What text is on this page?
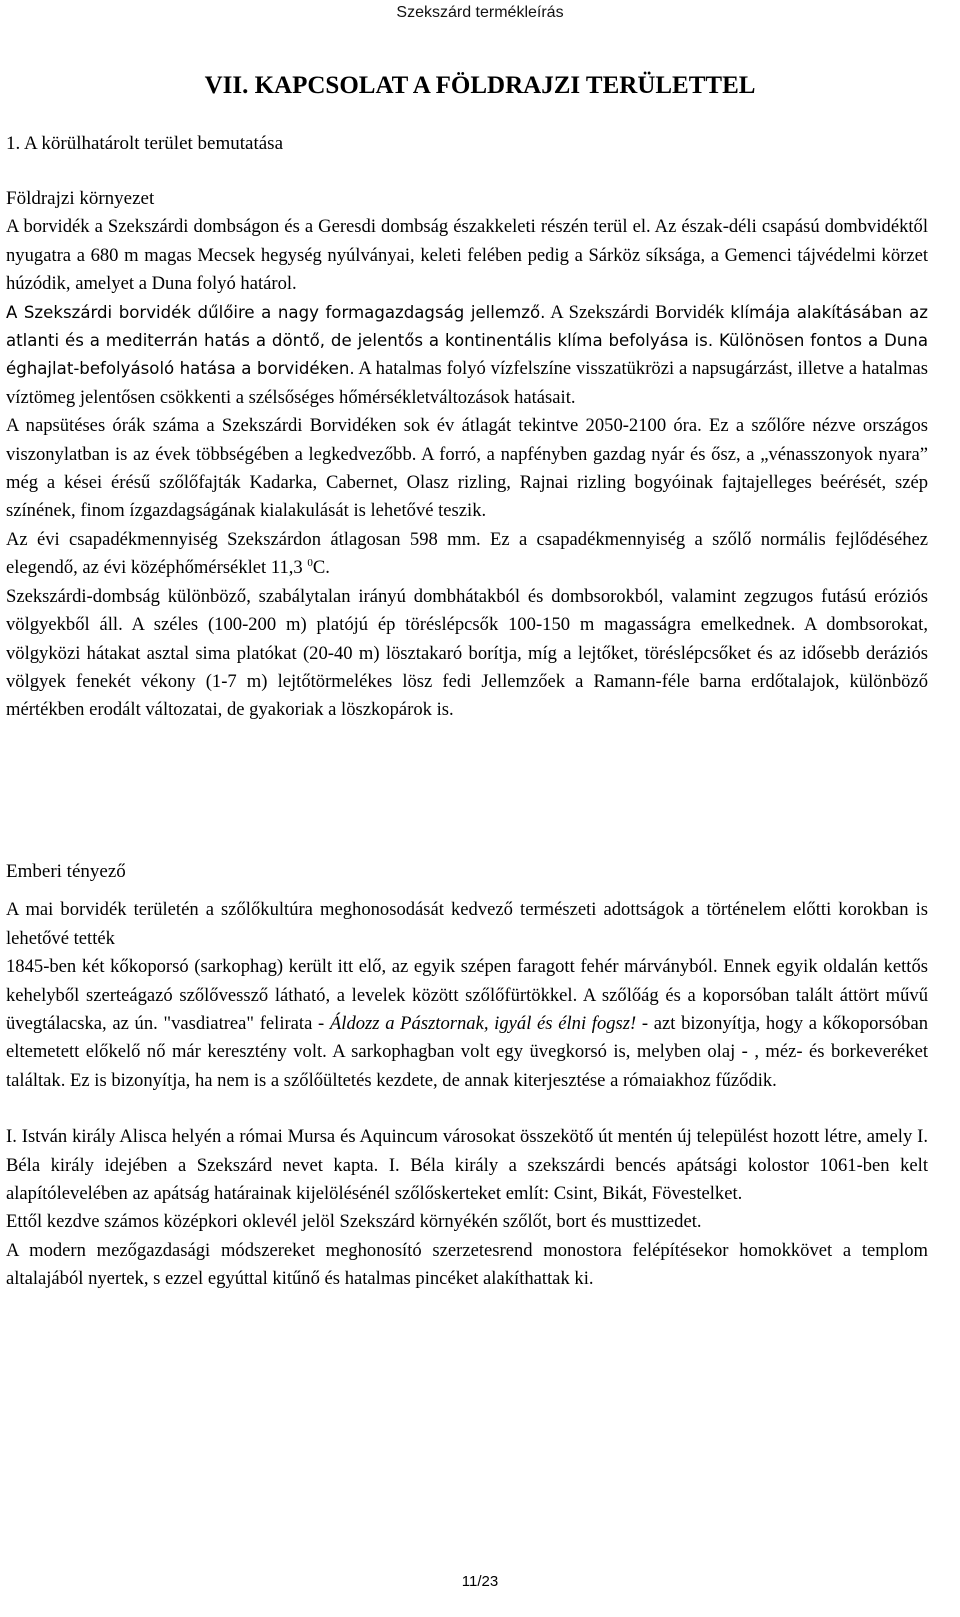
Szekszárd termékleírás
VII. KAPCSOLAT A FÖLDRAJZI TERÜLETTEL

1. A körülhatárolt terület bemutatása

Földrajzi környezet

A borvidék a Szekszárdi dombságon és a Geresdi dombság északkeleti részén terül el. Az észak-déli csapású dombvidéktől nyugatra a 680 m magas Mecsek hegység nyúlványai, keleti felében pedig a Sárköz síksága, a Gemenci tájvédelmi körzet húzódik, amelyet a Duna folyó határol.

A Szekszárdi borvidék dűlőire a nagy formagazdagság jellemző. A Szekszárdi Borvidék klímája alakításában az atlanti és a mediterrán hatás a döntő, de jelentős a kontinentális klíma befolyása is. Különösen fontos a Duna éghajlat-befolyásoló hatása a borvidéken. A hatalmas folyó vízfelszíne visszatükrözi a napsugárzást, illetve a hatalmas víztömeg jelentősen csökkenti a szélsőséges hőmérsékletváltozások hatásait.

A napsütéses órák száma a Szekszárdi Borvidéken sok év átlagát tekintve 2050-2100 óra. Ez a szőlőre nézve országos viszonylatban is az évek többségében a legkedvezőbb. A forró, a napfényben gazdag nyár és ősz, a „vénasszonyok nyara” még a kései érésű szőlőfajták Kadarka, Cabernet, Olasz rizling, Rajnai rizling bogyóinak fajtajelleges beérését, szép színének, finom ízgazdagságának kialakulását is lehetővé teszik.

Az évi csapadékmennyiség Szekszárdon átlagosan 598 mm. Ez a csapadékmennyiség a szőlő normális fejlődéséhez elegendő, az évi középhőmérséklet 11,3 $^0$C.

Szekszárdi-dombság különböző, szabálytalan irányú dombhátakból és dombsorokból, valamint zegzugos futású eróziós völgyekből áll. A széles (100-200 m) platójú ép töréslépcsők 100-150 m magasságra emelkednek. A dombsorokat, völgyközi hátakat asztal sima platókat (20-40 m) lösztakaró borítja, míg a lejtőket, töréslépcsőket és az idősebb deráziós völgyek fenekét vékony (1-7 m) lejtőtörmelékes lösz fedi Jellemzőek a Ramann-féle barna erdőtalajok, különböző mértékben erodált változatai, de gyakoriak a löszkopárok is.

Emberi tényező

A mai borvidék területén a szőlőkultúra meghonosodását kedvező természeti adottságok a történelem előtti korokban is lehetővé tették

1845-ben két kőkoporsó (sarkophag) került itt elő, az egyik szépen faragott fehér márványból. Ennek egyik oldalán kettős kehelyből szerteágazó szőlővessző látható, a levelek között szőlőfürtökkel. A szőlőág és a koporsóban talált áttört művű üvegtálacska, az ún. "vasdiatrea" felirata - Áldozz a Pásztornak, igyál és élni fogsz! - azt bizonyítja, hogy a kőkoporsóban eltemetett előkelő nő már keresztény volt. A sarkophagban volt egy üvegkorsó is, melyben olaj - , méz- és borkeveréket találtak. Ez is bizonyítja, ha nem is a szőlőültetés kezdete, de annak kiterjesztése a rómaiakhoz fűződik.

I. István király Alisca helyén a római Mursa és Aquincum városokat összekötő út mentén új települést hozott létre, amely I. Béla király idejében a Szekszárd nevet kapta. I. Béla király a szekszárdi bencés apátsági kolostor 1061-ben kelt alapítólevelében az apátság határainak kijelölésénél szőlőskerteket említ: Csint, Bikát, Fövestelket.

Ettől kezdve számos középkori oklevél jelöl Szekszárd környékén szőlőt, bort és musttizedet.

A modern mezőgazdasági módszereket meghonosító szerzetesrend monostora felépítésekor homokkövet a templom altalajából nyertek, s ezzel egyúttal kitűnő és hatalmas pincéket alakíthattak ki.

11/23
